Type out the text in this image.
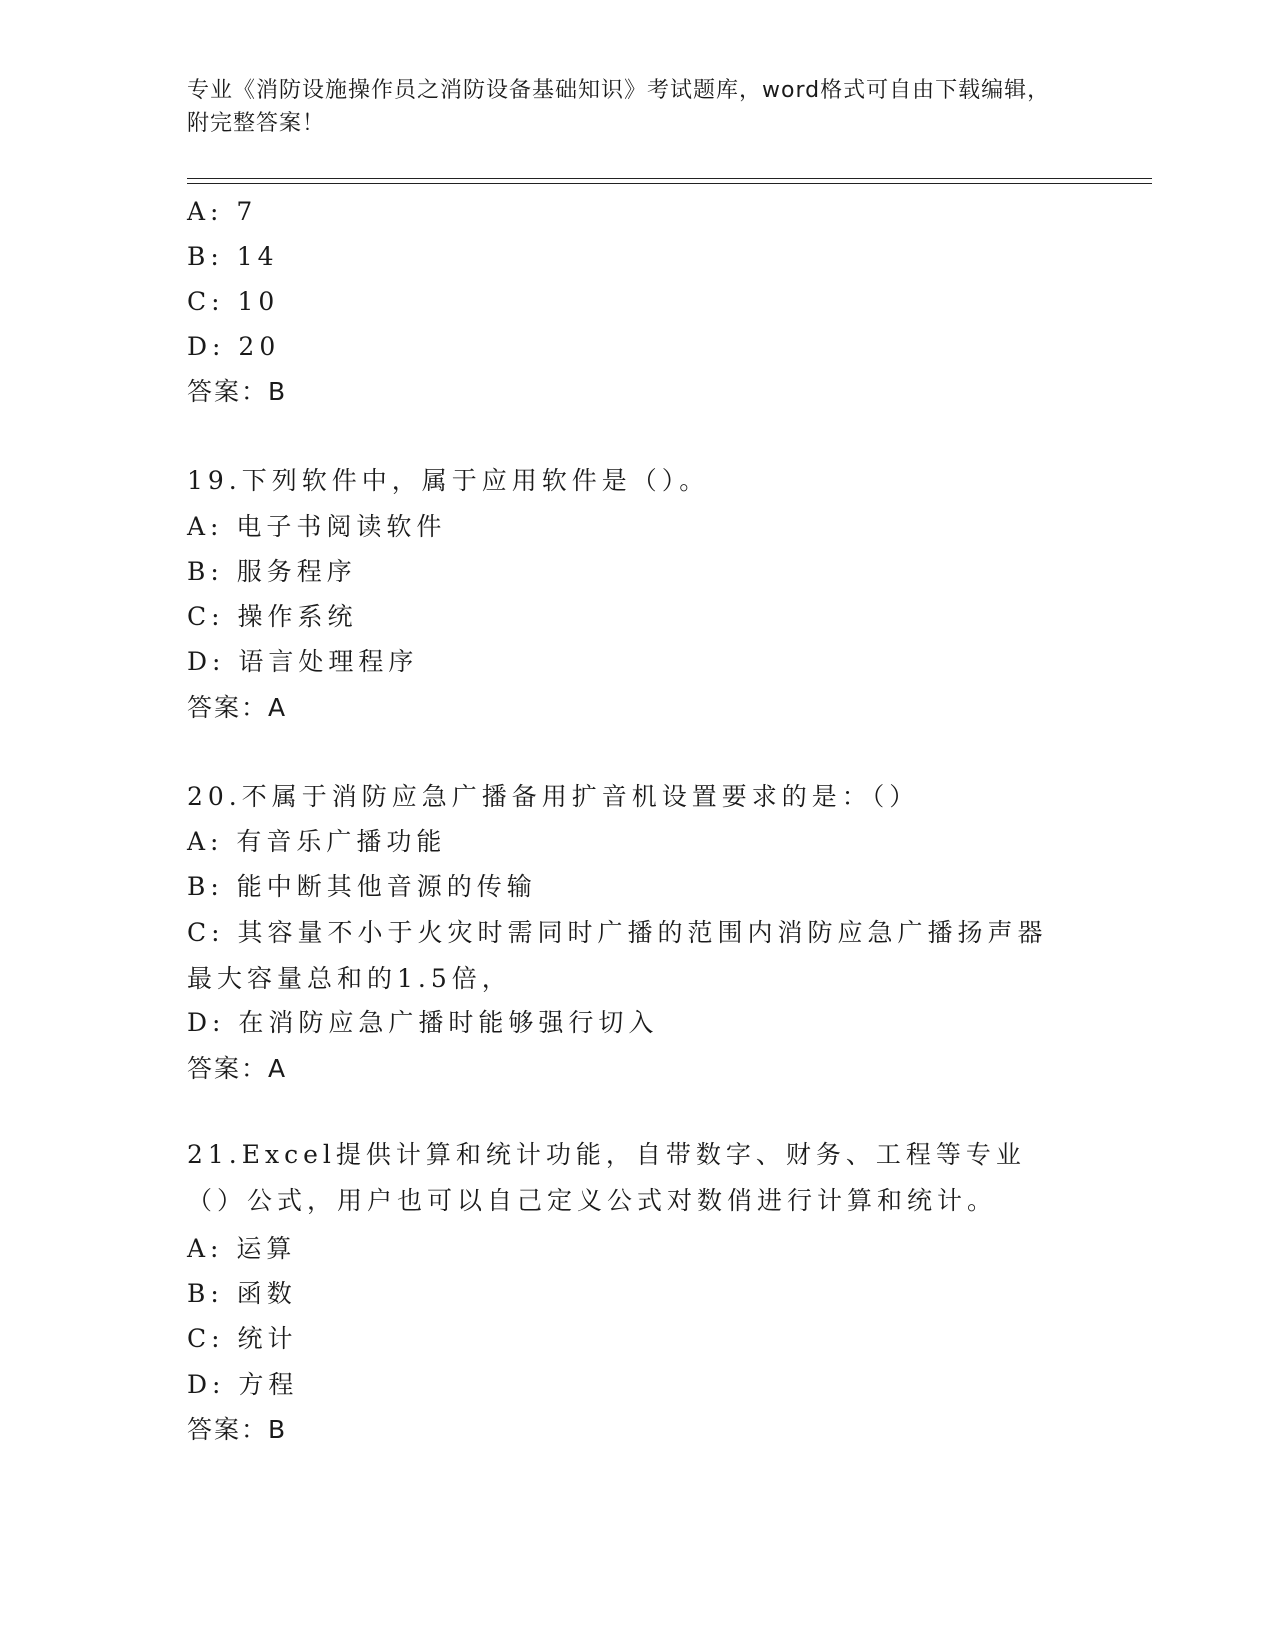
专业《消防设施操作员之消防设备基础知识》考试题库，word格式可自由下载编辑，附完整答案！
A: 7
B: 14
C: 10
D: 20
答案：B
19.下列软件中，属于应用软件是（）。
A: 电子书阅读软件
B: 服务程序
C: 操作系统
D: 语言处理程序
答案：A
20.不属于消防应急广播备用扩音机设置要求的是：（）
A: 有音乐广播功能
B: 能中断其他音源的传输
C: 其容量不小于火灾时需同时广播的范围内消防应急广播扬声器最大容量总和的1.5倍，
D: 在消防应急广播时能够强行切入
答案：A
21.Excel提供计算和统计功能，自带数字、财务、工程等专业（）公式，用户也可以自己定义公式对数俏进行计算和统计。
A: 运算
B: 函数
C: 统计
D: 方程
答案：B
